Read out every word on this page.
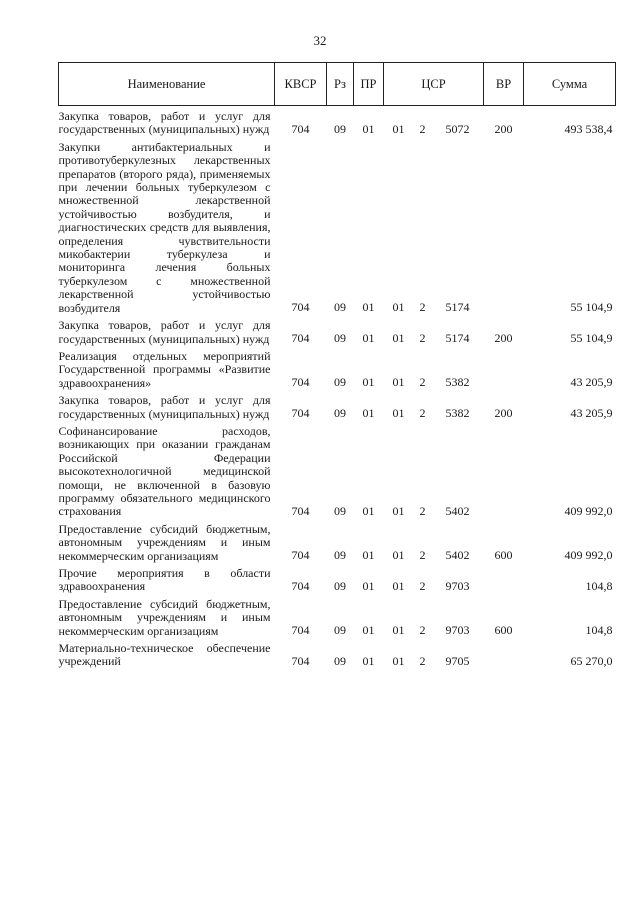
32
Наименование	КВСР	Рз	ПР	ЦСР			ВР	Сумма
Закупка товаров, работ и услуг для государственных (муниципальных) нужд	704	09	01	01	2	5072	200	493 538,4
Закупки антибактериальных и противотуберкулезных лекарственных препаратов (второго ряда), применяемых при лечении больных туберкулезом с множественной лекарственной устойчивостью возбудителя, и диагностических средств для выявления, определения чувствительности микобактерии туберкулеза и мониторинга лечения больных туберкулезом с множественной лекарственной устойчивостью возбудителя	704	09	01	01	2	5174		55 104,9
Закупка товаров, работ и услуг для государственных (муниципальных) нужд	704	09	01	01	2	5174	200	55 104,9
Реализация отдельных мероприятий Государственной программы «Развитие здравоохранения»	704	09	01	01	2	5382		43 205,9
Закупка товаров, работ и услуг для государственных (муниципальных) нужд	704	09	01	01	2	5382	200	43 205,9
Софинансирование расходов, возникающих при оказании гражданам Российской Федерации высокотехнологичной медицинской помощи, не включенной в базовую программу обязательного медицинского страхования	704	09	01	01	2	5402		409 992,0
Предоставление субсидий бюджетным, автономным учреждениям и иным некоммерческим организациям	704	09	01	01	2	5402	600	409 992,0
Прочие мероприятия в области здравоохранения	704	09	01	01	2	9703		104,8
Предоставление субсидий бюджетным, автономным учреждениям и иным некоммерческим организациям	704	09	01	01	2	9703	600	104,8
Материально-техническое обеспечение учреждений	704	09	01	01	2	9705		65 270,0
